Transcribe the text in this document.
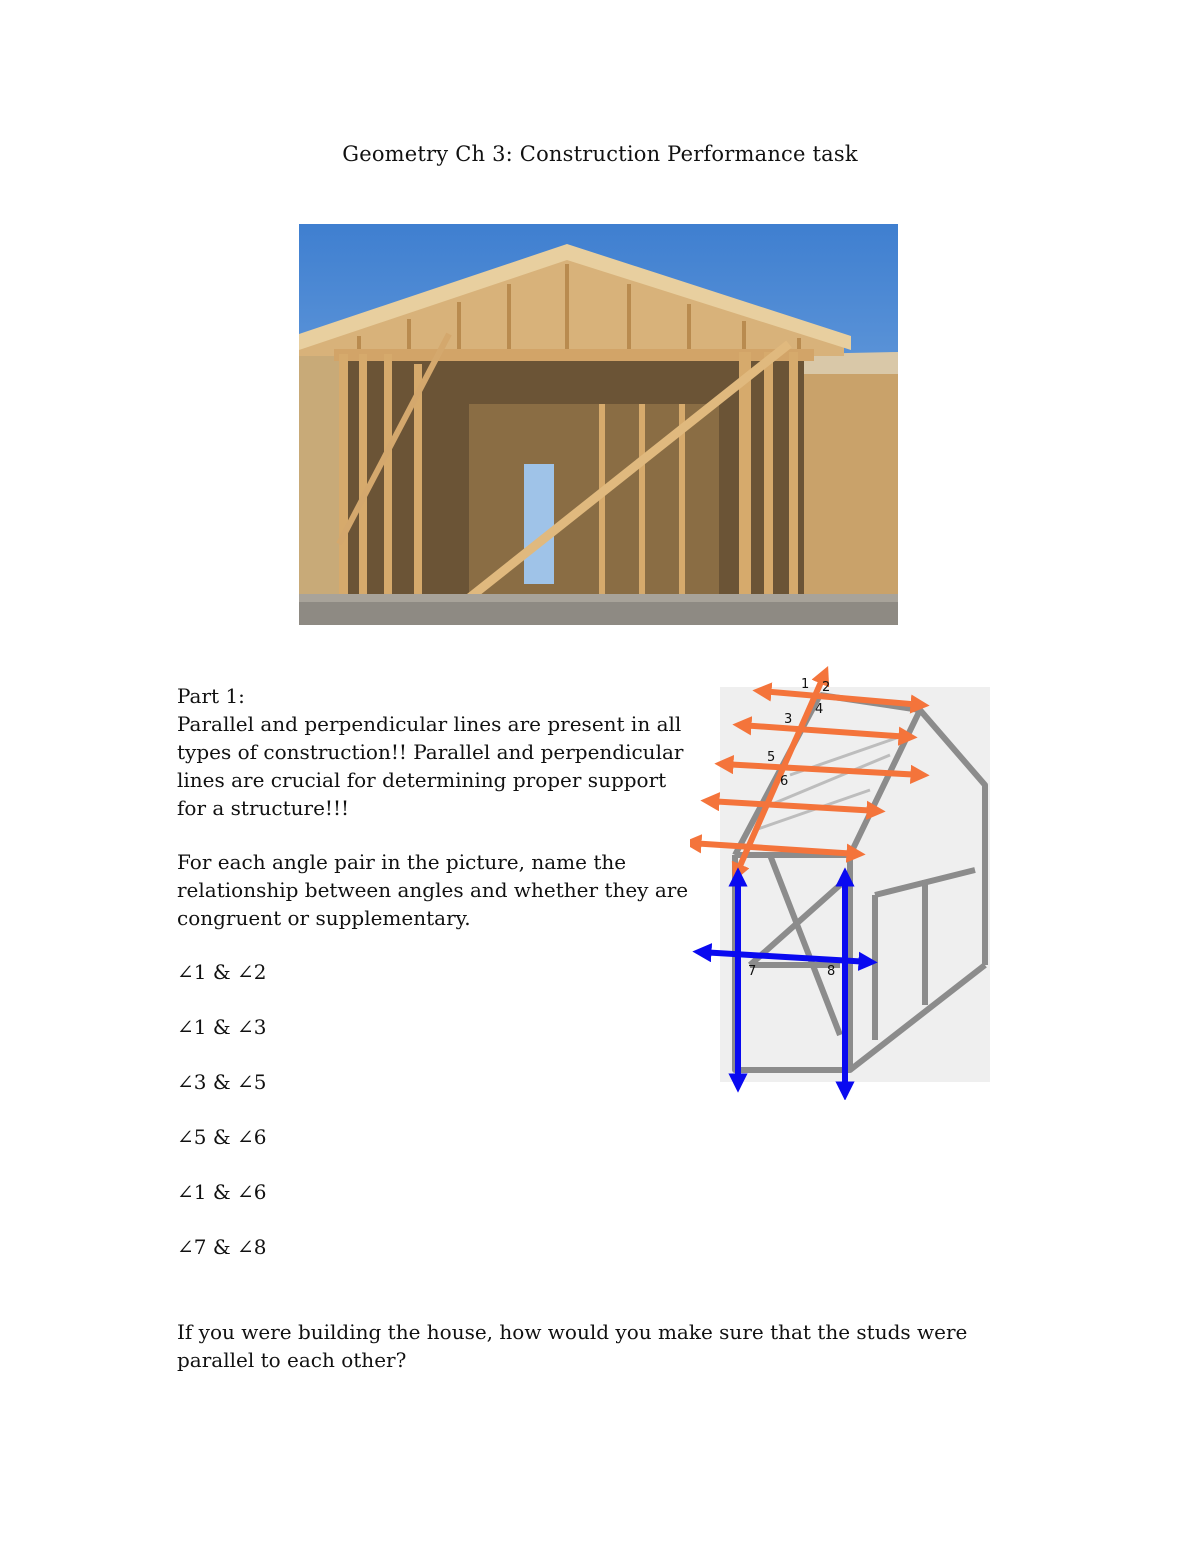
Geometry Ch 3: Construction Performance task

Part 1:

Parallel and perpendicular lines are present in all types of construction!! Parallel and perpendicular lines are crucial for determining proper support for a structure!!!

For each angle pair in the picture, name the relationship between angles and whether they are congruent or supplementary.

∠1 & ∠2
∠1 & ∠3
∠3 & ∠5
∠5 & ∠6
∠1 & ∠6
∠7 & ∠8
If you were building the house, how would you make sure that the studs were parallel to each other?
1 2
3
4
5
6
7	8
